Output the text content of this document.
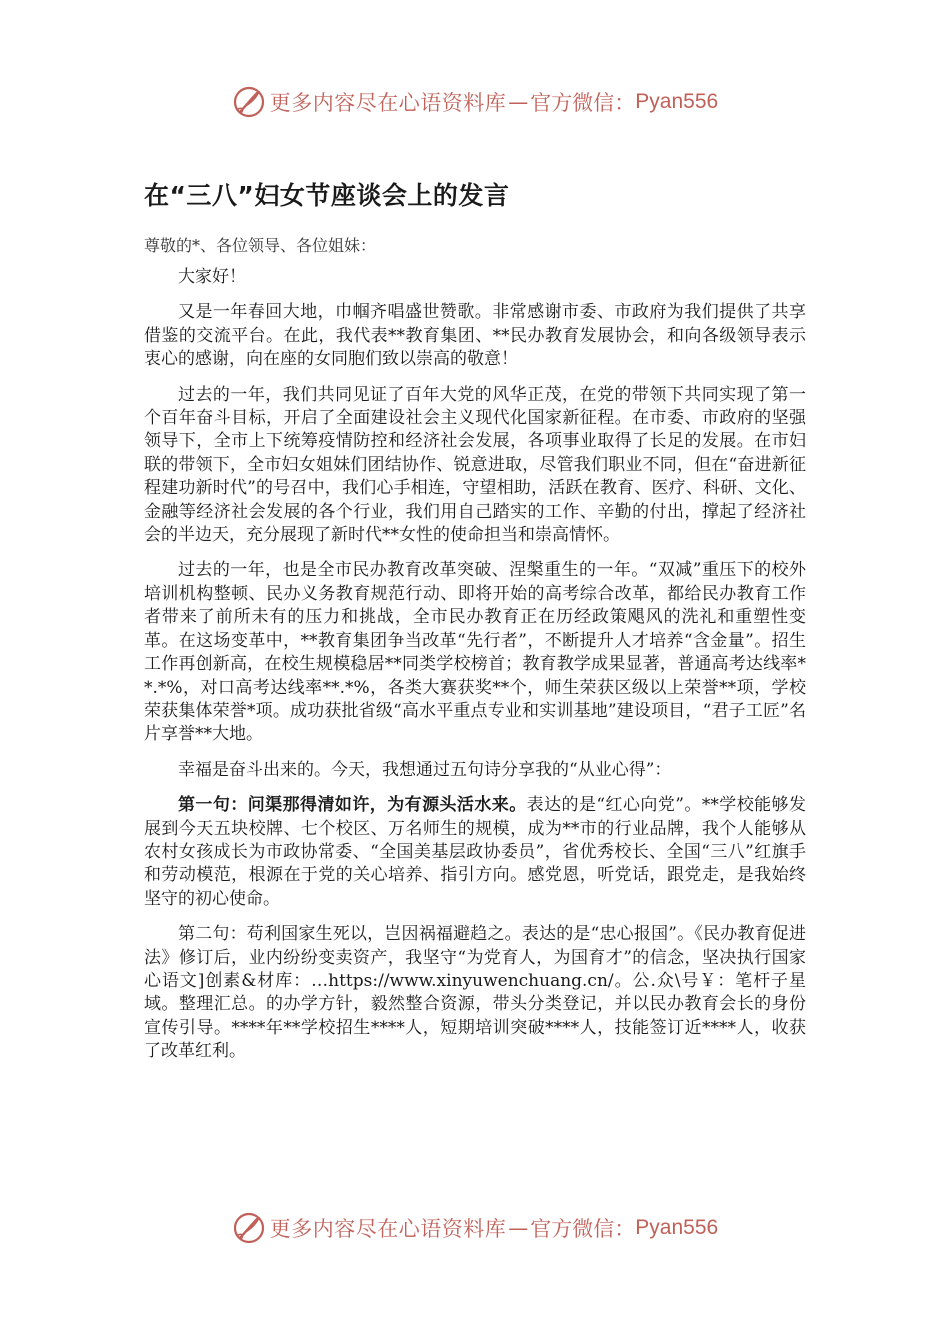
更多内容尽在心语资料库 — 官方微信： Pyan556
在“三八”妇女节座谈会上的发言
尊敬的*、各位领导、各位姐妹：

大家好！

又是一年春回大地，巾帼齐唱盛世赞歌。非常感谢市委、市政府为我们提供了共享借鉴的交流平台。在此，我代表**教育集团、**民办教育发展协会，和向各级领导表示衷心的感谢，向在座的女同胞们致以崇高的敬意！

过去的一年，我们共同见证了百年大党的风华正茂，在党的带领下共同实现了第一个百年奋斗目标，开启了全面建设社会主义现代化国家新征程。在市委、市政府的坚强领导下，全市上下统筹疫情防控和经济社会发展，各项事业取得了长足的发展。在市妇联的带领下，全市妇女姐妹们团结协作、锐意进取，尽管我们职业不同，但在“奋进新征程建功新时代”的号召中，我们心手相连，守望相助，活跃在教育、医疗、科研、文化、金融等经济社会发展的各个行业，我们用自己踏实的工作、辛勤的付出，撑起了经济社会的半边天，充分展现了新时代**女性的使命担当和崇高情怀。

过去的一年，也是全市民办教育改革突破、涅槃重生的一年。“双减”重压下的校外培训机构整顿、民办义务教育规范行动、即将开始的高考综合改革，都给民办教育工作者带来了前所未有的压力和挑战，全市民办教育正在历经政策飓风的洗礼和重塑性变革。在这场变革中，**教育集团争当改革“先行者”，不断提升人才培养“含金量”。招生工作再创新高，在校生规模稳居**同类学校榜首；教育教学成果显著，普通高考达线率**.*%，对口高考达线率**.*%，各类大赛获奖**个，师生荣获区级以上荣誉**项，学校荣获集体荣誉*项。成功获批省级“高水平重点专业和实训基地”建设项目，“君子工匠”名片享誉**大地。

幸福是奋斗出来的。今天，我想通过五句诗分享我的“从业心得”：

第一句：问渠那得清如许，为有源头活水来。表达的是“红心向党”。**学校能够发展到今天五块校牌、七个校区、万名师生的规模，成为**市的行业品牌，我个人能够从农村女孩成长为市政协常委、“全国美基层政协委员”，省优秀校长、全国“三八”红旗手和劳动模范，根源在于党的关心培养、指引方向。感党恩，听党话，跟党走，是我始终坚守的初心使命。

第二句：苟利国家生死以，岂因祸福避趋之。表达的是“忠心报国”。《民办教育促进法》修订后，业内纷纷变卖资产，我坚守“为党育人，为国育才”的信念，坚决执行国家心语文]创素&材库：…https://www.xinyuwenchuang.cn/。公.众\号￥：笔杆子星域。整理汇总。的办学方针，毅然整合资源，带头分类登记，并以民办教育会长的身份宣传引导。****年**学校招生****人，短期培训突破****人，技能签订近****人，收获了改革红利。

更多内容尽在心语资料库 — 官方微信： Pyan556
